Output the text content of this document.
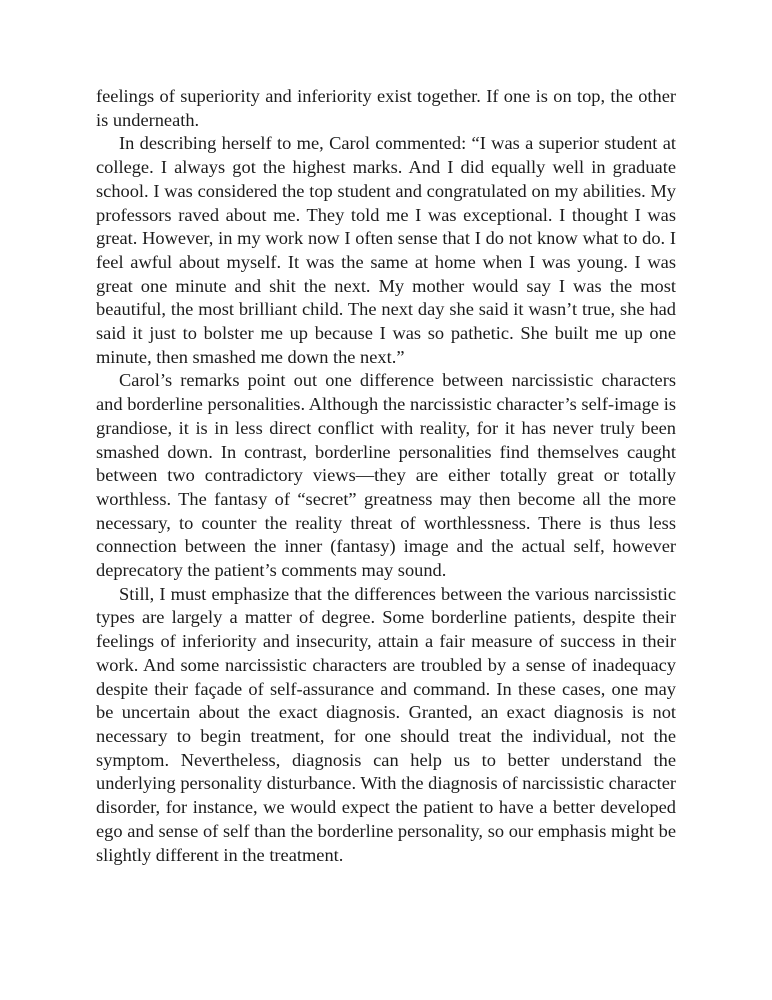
feelings of superiority and inferiority exist together. If one is on top, the other is underneath.

In describing herself to me, Carol commented: “I was a superior student at college. I always got the highest marks. And I did equally well in graduate school. I was considered the top student and congratulated on my abilities. My professors raved about me. They told me I was exceptional. I thought I was great. However, in my work now I often sense that I do not know what to do. I feel awful about myself. It was the same at home when I was young. I was great one minute and shit the next. My mother would say I was the most beautiful, the most brilliant child. The next day she said it wasn’t true, she had said it just to bolster me up because I was so pathetic. She built me up one minute, then smashed me down the next.”

Carol’s remarks point out one difference between narcissistic characters and borderline personalities. Although the narcissistic character’s self-image is grandiose, it is in less direct conflict with reality, for it has never truly been smashed down. In contrast, borderline personalities find themselves caught between two contradictory views—they are either totally great or totally worthless. The fantasy of “secret” greatness may then become all the more necessary, to counter the reality threat of worthlessness. There is thus less connection between the inner (fantasy) image and the actual self, however deprecatory the patient’s comments may sound.

Still, I must emphasize that the differences between the various narcissistic types are largely a matter of degree. Some borderline patients, despite their feelings of inferiority and insecurity, attain a fair measure of success in their work. And some narcissistic characters are troubled by a sense of inadequacy despite their façade of self-assurance and command. In these cases, one may be uncertain about the exact diagnosis. Granted, an exact diagnosis is not necessary to begin treatment, for one should treat the individual, not the symptom. Nevertheless, diagnosis can help us to better understand the underlying personality disturbance. With the diagnosis of narcissistic character disorder, for instance, we would expect the patient to have a better developed ego and sense of self than the borderline personality, so our emphasis might be slightly different in the treatment.
